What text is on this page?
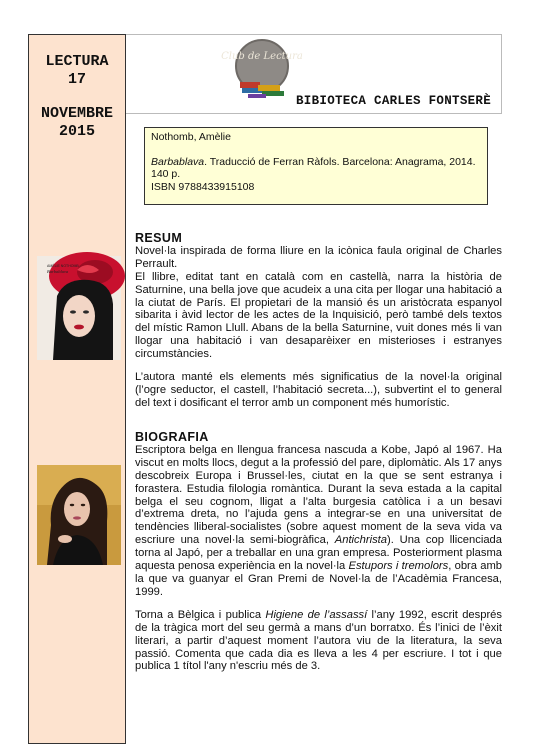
LECTURA
17
NOVEMBRE
2015
Club de Lectura
BIBIOTECA CARLES FONTSERÈ
Nothomb, Amèlie
Barbablava. Traducció de Ferran Ràfols. Barcelona: Anagrama, 2014.
140 p.
ISBN 9788433915108
AMÈLIE NOTHOMB
Barbablava
RESUM

Novel·la inspirada de forma lliure en la icònica faula original de Charles Perrault.

El llibre, editat tant en català com en castellà, narra la història de Saturnine, una bella jove que acudeix a una cita per llogar una habitació a la ciutat de París. El propietari de la mansió és un aristòcrata espanyol sibarita i àvid lector de les actes de la Inquisició, però també dels textos del místic Ramon Llull. Abans de la bella Saturnine, vuit dones més li van llogar una habitació i van desaparèixer en misterioses i estranyes circumstàncies.

L’autora manté els elements més significatius de la novel·la original (l’ogre seductor, el castell, l’habitació secreta...), subvertint el to general del text i dosificant el terror amb un component més humorístic.

BIOGRAFIA

Escriptora belga en llengua francesa nascuda a Kobe, Japó al 1967. Ha viscut en molts llocs, degut a la professió del pare, diplomàtic. Als 17 anys descobreix Europa i Brussel·les, ciutat en la que se sent estranya i forastera. Estudia filologia romàntica. Durant la seva estada a la capital belga el seu cognom, lligat a l’alta burgesia catòlica i a un besavi d’extrema dreta, no l’ajuda gens a integrar-se en una universitat de tendències lliberal-socialistes (sobre aquest moment de la seva vida va escriure una novel·la semi-biogràfica, Antichrista). Una cop llicenciada torna al Japó, per a treballar en una gran empresa. Posteriorment plasma aquesta penosa experiència en la novel·la Estupors i tremolors, obra amb la que va guanyar el Gran Premi de Novel·la de l’Acadèmia Francesa, 1999.

Torna a Bèlgica i publica Higiene de l’assassí l’any 1992, escrit després de la tràgica mort del seu germà a mans d’un borratxo. És l’inici de l’èxit literari, a partir d’aquest moment l’autora viu de la literatura, la seva passió. Comenta que cada dia es lleva a les 4 per escriure. I tot i que publica 1 títol l'any n'escriu més de 3.
